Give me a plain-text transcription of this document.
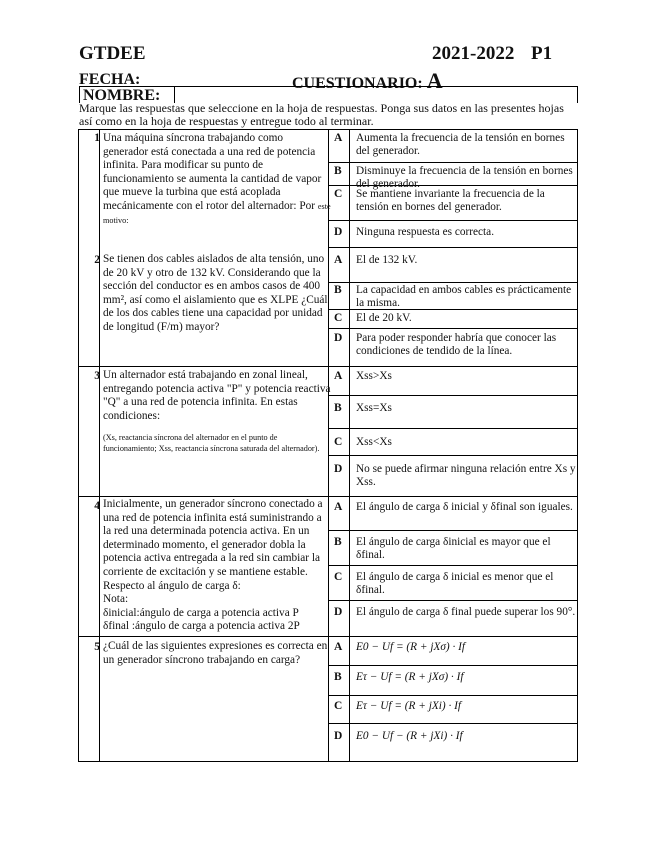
GTDEE	2021-2022 P1
FECHA:	CUESTIONARIO: A
NOMBRE:
Marque las respuestas que seleccione en la hoja de respuestas. Ponga sus datos en las presentes hojas así como en la hoja de respuestas y entregue todo al terminar.
1 Una máquina síncrona trabajando como generador está conectada a una red de potencia infinita. Para modificar su punto de funcionamiento se aumenta la cantidad de vapor que mueve la turbina que está acoplada mecánicamente con el rotor del alternador: Por este motivo:
A Aumenta la frecuencia de la tensión en bornes del generador.
B Disminuye la frecuencia de la tensión en bornes del generador.
C Se mantiene invariante la frecuencia de la tensión en bornes del generador.
D Ninguna respuesta es correcta.
2 Se tienen dos cables aislados de alta tensión, uno de 20 kV y otro de 132 kV. Considerando que la sección del conductor es en ambos casos de 400 mm², así como el aislamiento que es XLPE ¿Cuál de los dos cables tiene una capacidad por unidad de longitud (F/m) mayor?
A El de 132 kV.
B La capacidad en ambos cables es prácticamente la misma.
C El de 20 kV.
D Para poder responder habría que conocer las condiciones de tendido de la línea.
3 Un alternador está trabajando en zonal lineal, entregando potencia activa "P" y potencia reactiva "Q" a una red de potencia infinita. En estas condiciones:
(Xs, reactancia síncrona del alternador en el punto de funcionamiento; Xss, reactancia síncrona saturada del alternador).
A Xss>Xs
B Xss=Xs
C Xss<Xs
D No se puede afirmar ninguna relación entre Xs y Xss.
4 Inicialmente, un generador síncrono conectado a una red de potencia infinita está suministrando a la red una determinada potencia activa. En un determinado momento, el generador dobla la potencia activa entregada a la red sin cambiar la corriente de excitación y se mantiene estable.
Respecto al ángulo de carga δ:
Nota:
δinicial:ángulo de carga a potencia activa P
δfinal :ángulo de carga a potencia activa 2P
A El ángulo de carga δ inicial y δfinal son iguales.
B El ángulo de carga δinicial es mayor que el δfinal.
C El ángulo de carga δ inicial es menor que el δfinal.
D El ángulo de carga δ final puede superar los 90°.
5 ¿Cuál de las siguientes expresiones es correcta en un generador síncrono trabajando en carga?
A E0 − Uf = (R + jXσ) · If
B Eτ − Uf = (R + jXσ) · If
C Eτ − Uf = (R + jXi) · If
D E0 − Uf − (R + jXi) · If
